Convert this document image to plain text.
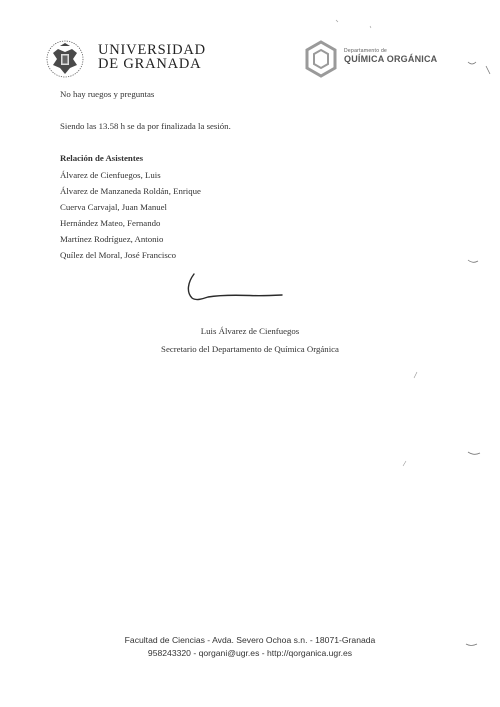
UNIVERSIDAD
DE GRANADA
Departamento de
QUÍMICA ORGÁNICA
No hay ruegos y preguntas
Siendo las 13.58 h se da por finalizada la sesión.
Relación de Asistentes
Álvarez de Cienfuegos, Luis
Álvarez de Manzaneda Roldán, Enrique
Cuerva Carvajal, Juan Manuel
Hernández Mateo, Fernando
Martínez Rodríguez, Antonio
Quílez del Moral, José Francisco
Luis Álvarez de Cienfuegos
Secretario del Departamento de Química Orgánica
Facultad de Ciencias - Avda. Severo Ochoa s.n. - 18071-Granada
958243320 - qorgani@ugr.es - http://qorganica.ugr.es
